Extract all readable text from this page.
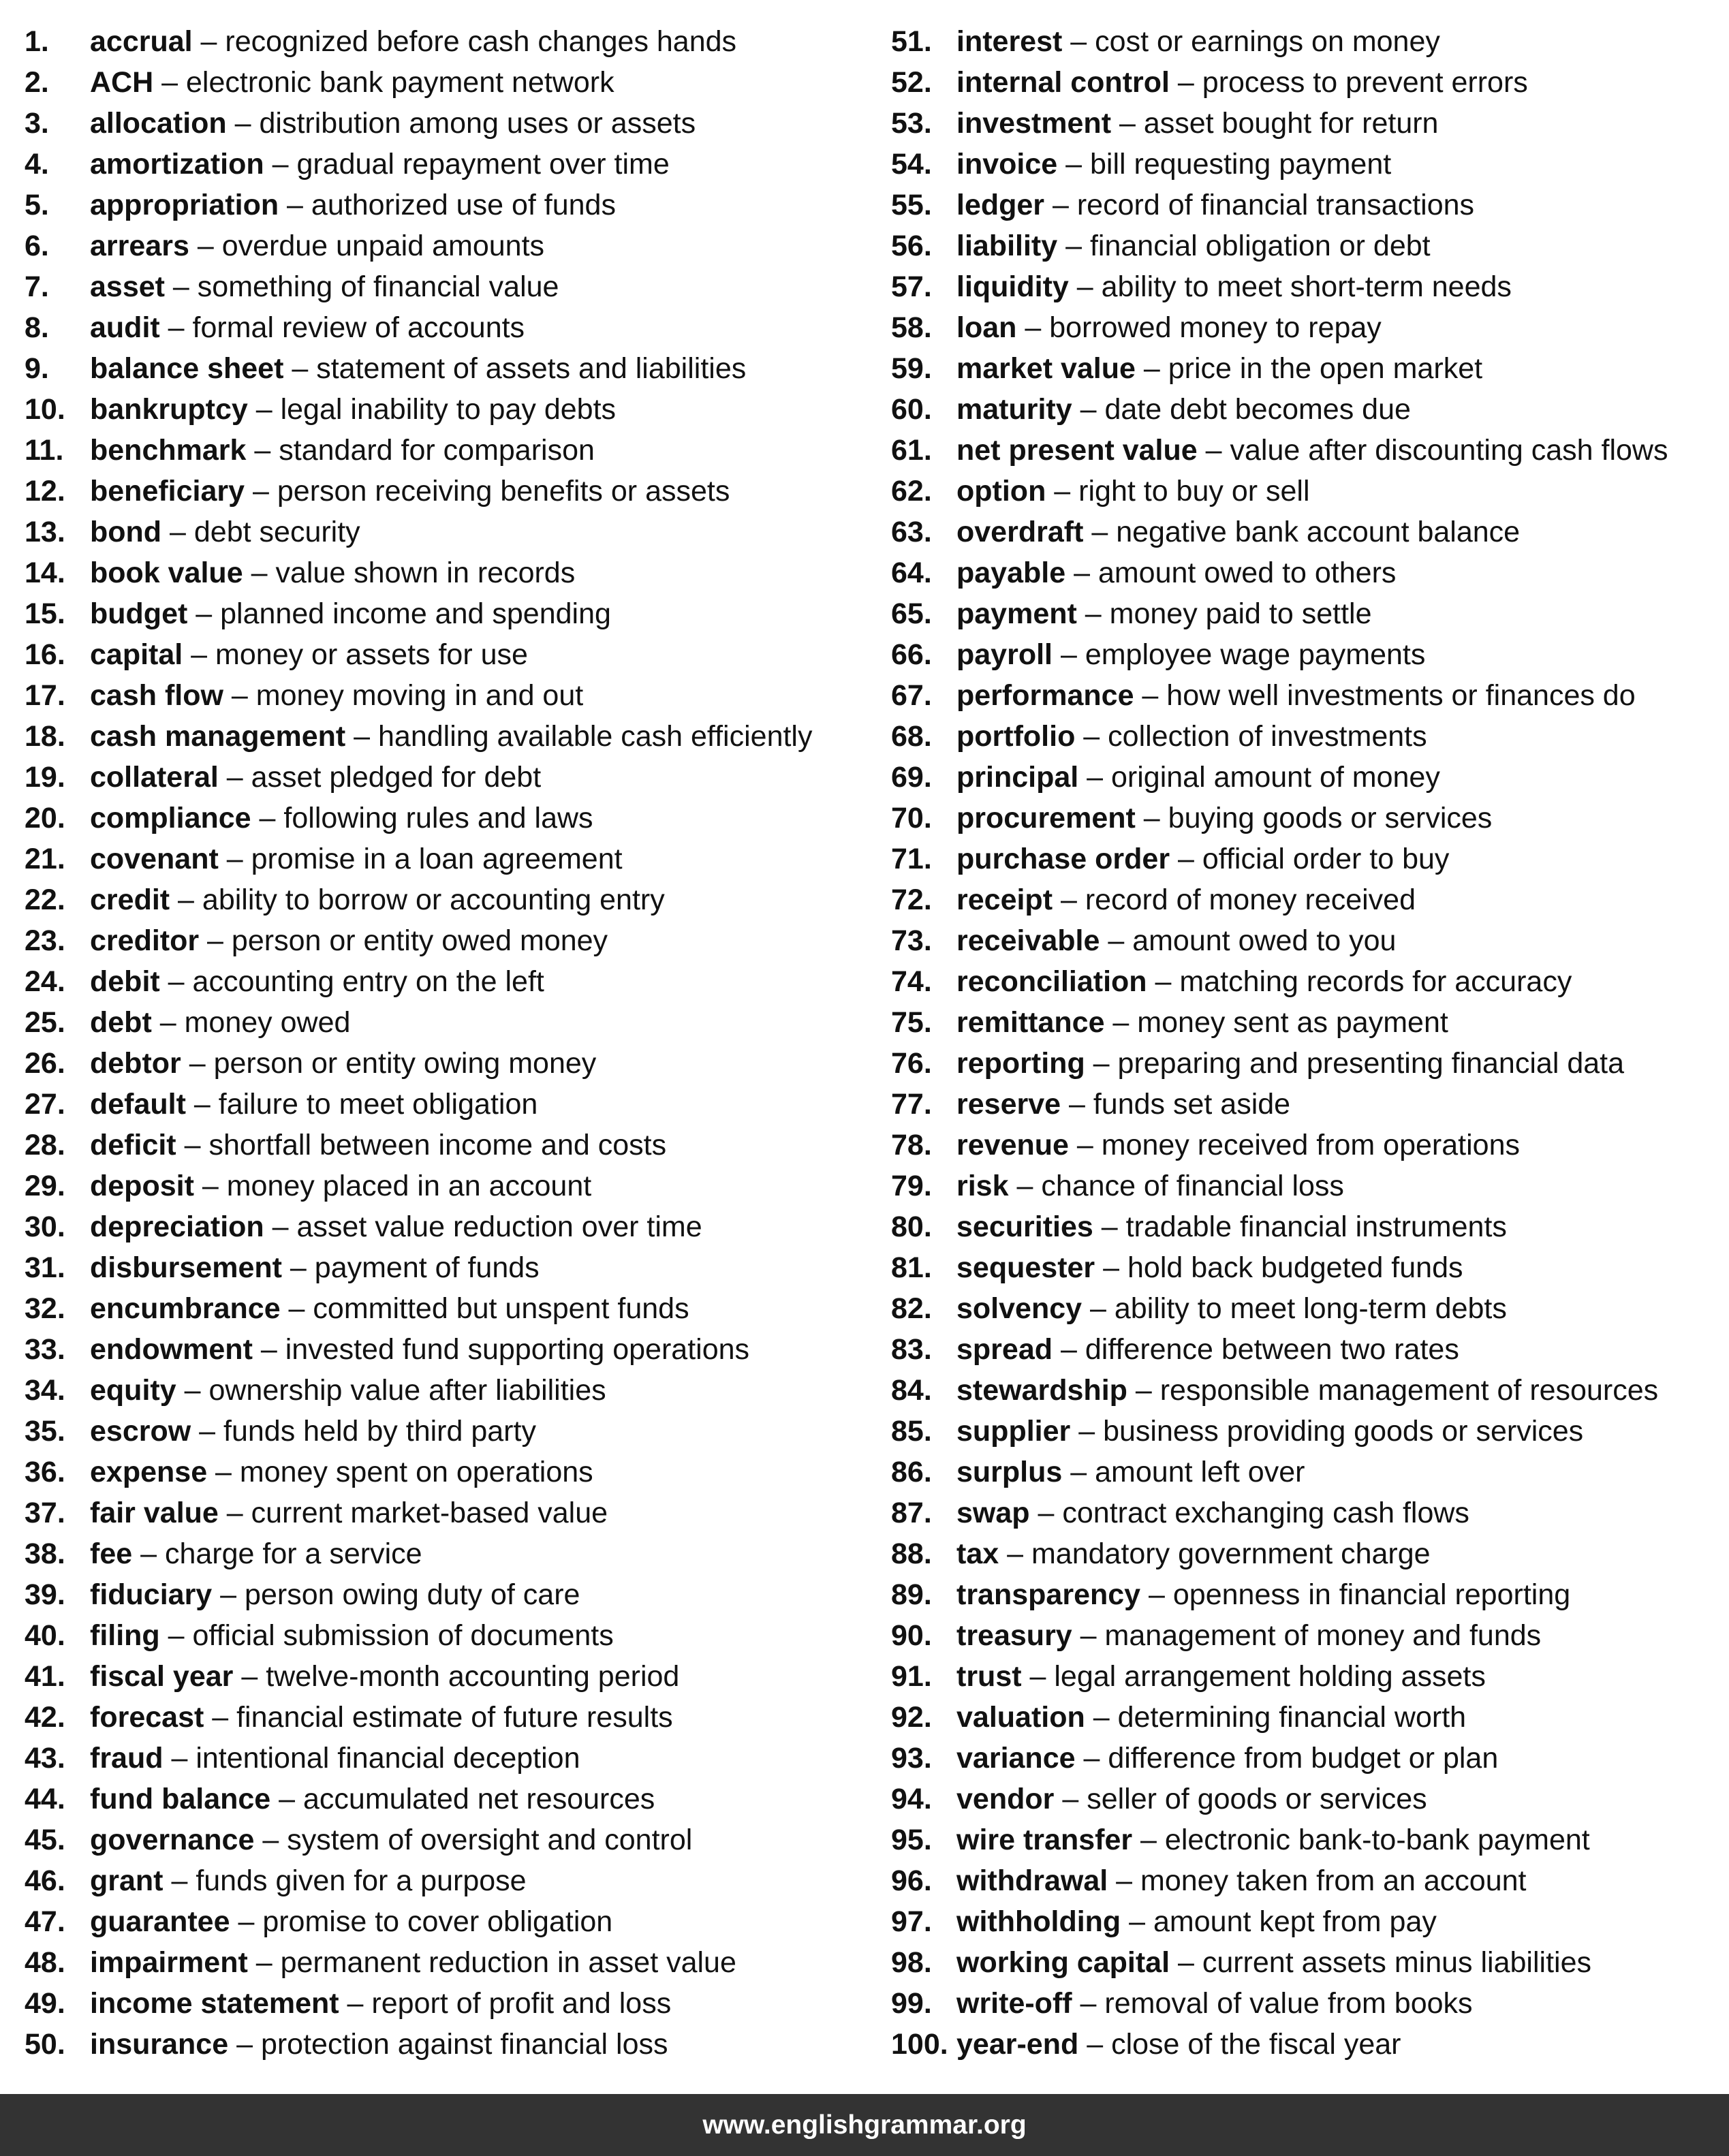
1.	accrual – recognized before cash changes hands
2.	ACH – electronic bank payment network
3.	allocation – distribution among uses or assets
4.	amortization – gradual repayment over time
5.	appropriation – authorized use of funds
6.	arrears – overdue unpaid amounts
7.	asset – something of financial value
8.	audit – formal review of accounts
9.	balance sheet – statement of assets and liabilities
10. bankruptcy – legal inability to pay debts
11. benchmark – standard for comparison
12. beneficiary – person receiving benefits or assets
13. bond – debt security
14. book value – value shown in records
15. budget – planned income and spending
16. capital – money or assets for use
17. cash flow – money moving in and out
18. cash management – handling available cash efficiently
19. collateral – asset pledged for debt
20. compliance – following rules and laws
21. covenant – promise in a loan agreement
22. credit – ability to borrow or accounting entry
23. creditor – person or entity owed money
24. debit – accounting entry on the left
25. debt – money owed
26. debtor – person or entity owing money
27. default – failure to meet obligation
28. deficit – shortfall between income and costs
29. deposit – money placed in an account
30. depreciation – asset value reduction over time
31. disbursement – payment of funds
32. encumbrance – committed but unspent funds
33. endowment – invested fund supporting operations
34. equity – ownership value after liabilities
35. escrow – funds held by third party
36. expense – money spent on operations
37. fair value – current market-based value
38. fee – charge for a service
39. fiduciary – person owing duty of care
40. filing – official submission of documents
41. fiscal year – twelve-month accounting period
42. forecast – financial estimate of future results
43. fraud – intentional financial deception
44. fund balance – accumulated net resources
45. governance – system of oversight and control
46. grant – funds given for a purpose
47. guarantee – promise to cover obligation
48. impairment – permanent reduction in asset value
49. income statement – report of profit and loss
50. insurance – protection against financial loss
51. interest – cost or earnings on money
52. internal control – process to prevent errors
53. investment – asset bought for return
54. invoice – bill requesting payment
55. ledger – record of financial transactions
56. liability – financial obligation or debt
57. liquidity – ability to meet short-term needs
58. loan – borrowed money to repay
59. market value – price in the open market
60. maturity – date debt becomes due
61. net present value – value after discounting cash flows
62. option – right to buy or sell
63. overdraft – negative bank account balance
64. payable – amount owed to others
65. payment – money paid to settle
66. payroll – employee wage payments
67. performance – how well investments or finances do
68. portfolio – collection of investments
69. principal – original amount of money
70. procurement – buying goods or services
71. purchase order – official order to buy
72. receipt – record of money received
73. receivable – amount owed to you
74. reconciliation – matching records for accuracy
75. remittance – money sent as payment
76. reporting – preparing and presenting financial data
77. reserve – funds set aside
78. revenue – money received from operations
79. risk – chance of financial loss
80. securities – tradable financial instruments
81. sequester – hold back budgeted funds
82. solvency – ability to meet long-term debts
83. spread – difference between two rates
84. stewardship – responsible management of resources
85. supplier – business providing goods or services
86. surplus – amount left over
87. swap – contract exchanging cash flows
88. tax – mandatory government charge
89. transparency – openness in financial reporting
90. treasury – management of money and funds
91. trust – legal arrangement holding assets
92. valuation – determining financial worth
93. variance – difference from budget or plan
94. vendor – seller of goods or services
95. wire transfer – electronic bank-to-bank payment
96. withdrawal – money taken from an account
97. withholding – amount kept from pay
98. working capital – current assets minus liabilities
99. write-off – removal of value from books
100. year-end – close of the fiscal year
www.englishgrammar.org
